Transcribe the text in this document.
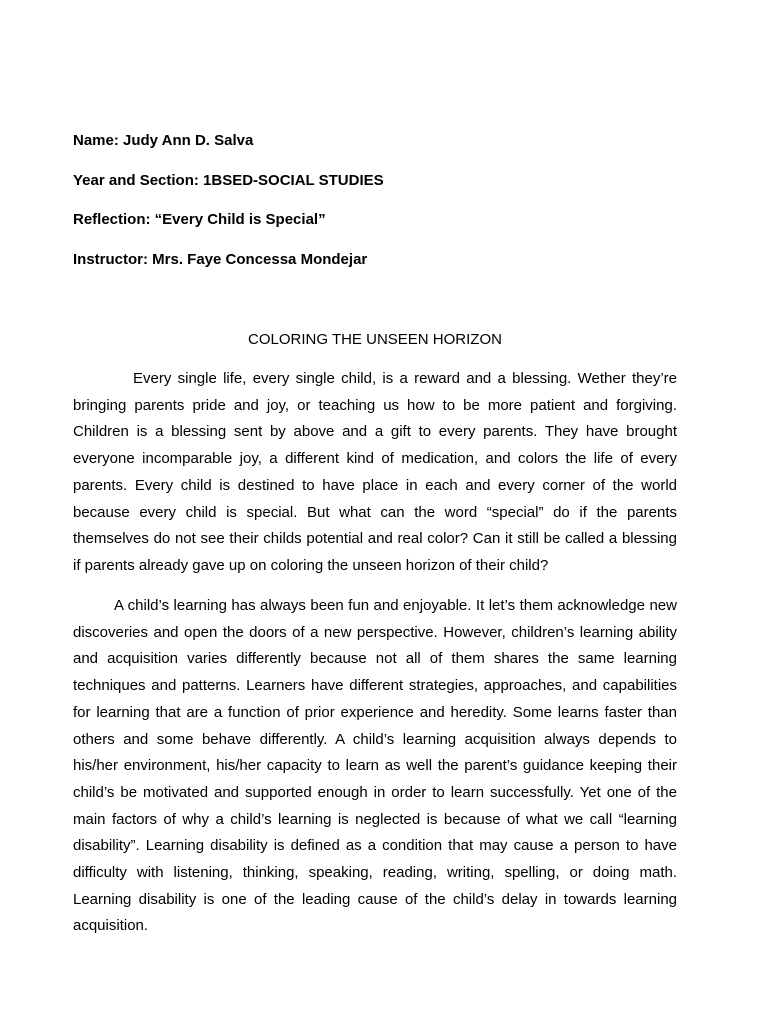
Name: Judy Ann D. Salva
Year and Section: 1BSED-SOCIAL STUDIES
Reflection: “Every Child is Special”
Instructor: Mrs. Faye Concessa Mondejar
COLORING THE UNSEEN HORIZON

Every single life, every single child, is a reward and a blessing. Wether they’re bringing parents pride and joy, or teaching us how to be more patient and forgiving. Children is a blessing sent by above and a gift to every parents. They have brought everyone incomparable joy, a different kind of medication, and colors the life of every parents. Every child is destined to have place in each and every corner of the world because every child is special. But what can the word “special” do if the parents themselves do not see their childs potential and real color? Can it still be called a blessing if parents already gave up on coloring the unseen horizon of their child?

A child’s learning has always been fun and enjoyable. It let’s them acknowledge new discoveries and open the doors of a new perspective. However, children’s learning ability and acquisition varies differently because not all of them shares the same learning techniques and patterns. Learners have different strategies, approaches, and capabilities for learning that are a function of prior experience and heredity. Some learns faster than others and some behave differently. A child’s learning acquisition always depends to his/her environment, his/her capacity to learn as well the parent’s guidance keeping their child’s be motivated and supported enough in order to learn successfully. Yet one of the main factors of why a child’s learning is neglected is because of what we call “learning disability”. Learning disability is defined as a condition that may cause a person to have difficulty with listening, thinking, speaking, reading, writing, spelling, or doing math. Learning disability is one of the leading cause of the child’s delay in towards learning acquisition.
